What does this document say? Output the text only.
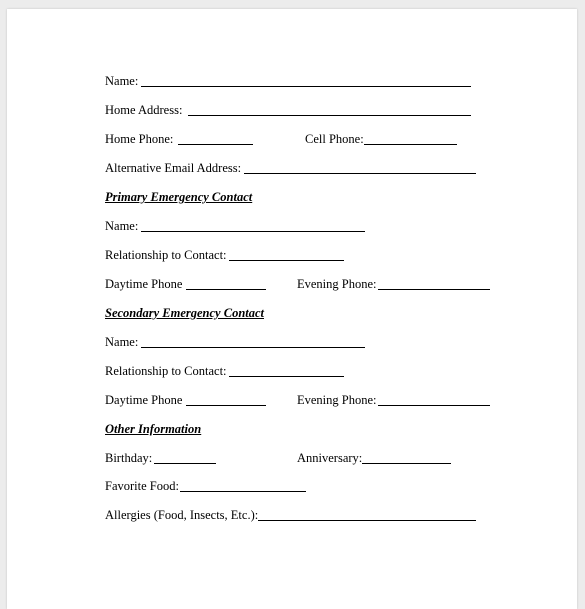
Name:
Home Address:
Home Phone:	Cell Phone:
Alternative Email Address:
Primary Emergency Contact
Name:
Relationship to Contact:
Daytime Phone	Evening Phone:
Secondary Emergency Contact
Name:
Relationship to Contact:
Daytime Phone	Evening Phone:
Other Information
Birthday:	Anniversary:
Favorite Food:
Allergies (Food, Insects, Etc.):
